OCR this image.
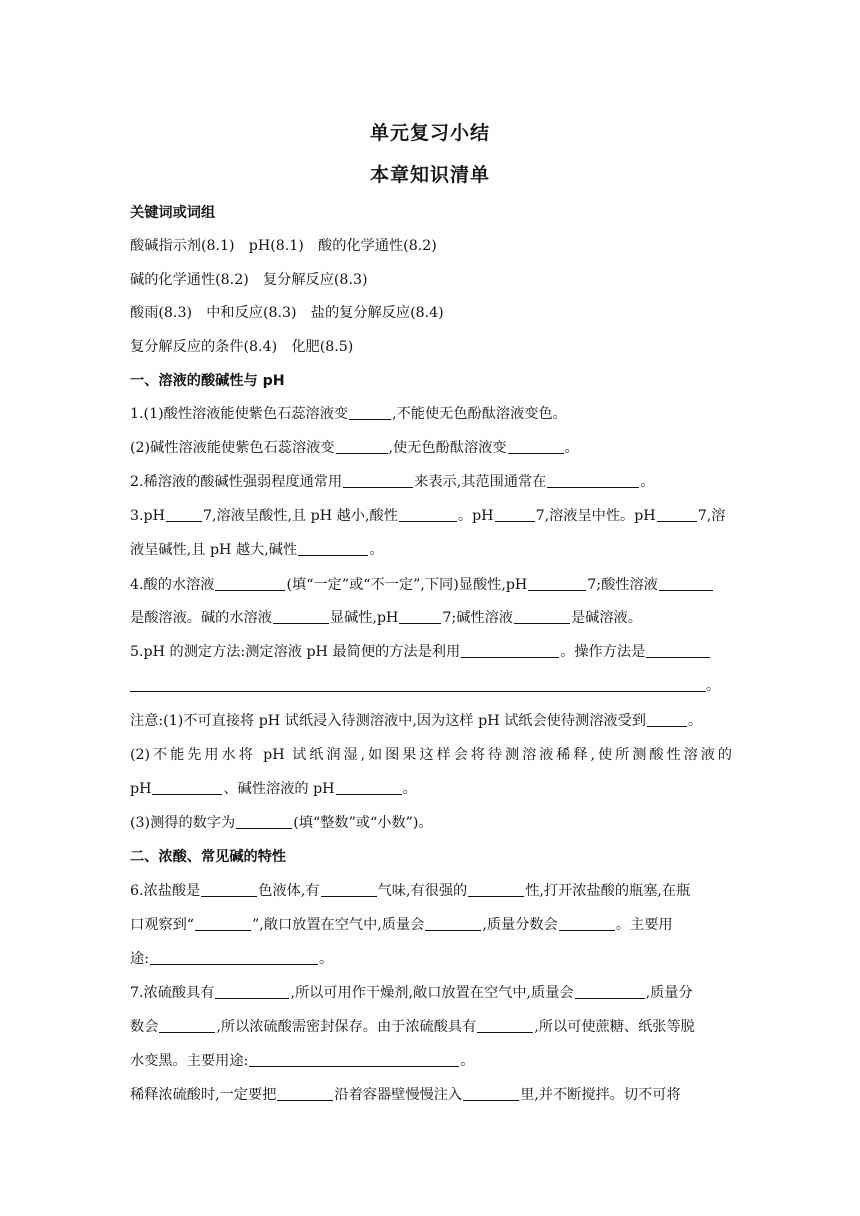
单元复习小结
本章知识清单
关键词或词组
酸碱指示剂(8.1)　pH(8.1)　酸的化学通性(8.2)
碱的化学通性(8.2)　复分解反应(8.3)
酸雨(8.3)　中和反应(8.3)　盐的复分解反应(8.4)
复分解反应的条件(8.4)　化肥(8.5)
一、溶液的酸碱性与 pH
1.(1)酸性溶液能使紫色石蕊溶液变	,不能使无色酚酞溶液变色。
(2)碱性溶液能使紫色石蕊溶液变	,使无色酚酞溶液变	。
2.稀溶液的酸碱性强弱程度通常用	来表示,其范围通常在	。
3.pH	7,溶液呈酸性,且 pH 越小,酸性	。pH	7,溶液呈中性。pH	7,溶
液呈碱性,且 pH 越大,碱性	。
4.酸的水溶液	(填“一定”或“不一定”,下同)显酸性,pH	7;酸性溶液
是酸溶液。碱的水溶液	显碱性,pH	7;碱性溶液	是碱溶液。
5.pH 的测定方法:测定溶液 pH 最简便的方法是利用	。操作方法是
。
注意:(1)不可直接将 pH 试纸浸入待测溶液中,因为这样 pH 试纸会使待测溶液受到	。
(2)不能先用水将 pH 试纸润湿,如图果这样会将待测溶液稀释,使所测酸性溶液的
pH	、碱性溶液的 pH	。
(3)测得的数字为	(填“整数”或“小数”)。
二、浓酸、常见碱的特性
6.浓盐酸是	色液体,有	气味,有很强的	性,打开浓盐酸的瓶塞,在瓶
口观察到“	”,敞口放置在空气中,质量会	,质量分数会	。主要用
途:	。
7.浓硫酸具有	,所以可用作干燥剂,敞口放置在空气中,质量会	,质量分
数会	,所以浓硫酸需密封保存。由于浓硫酸具有	,所以可使蔗糖、纸张等脱
水变黑。主要用途:	。
稀释浓硫酸时,一定要把	沿着容器壁慢慢注入	里,并不断搅拌。切不可将
